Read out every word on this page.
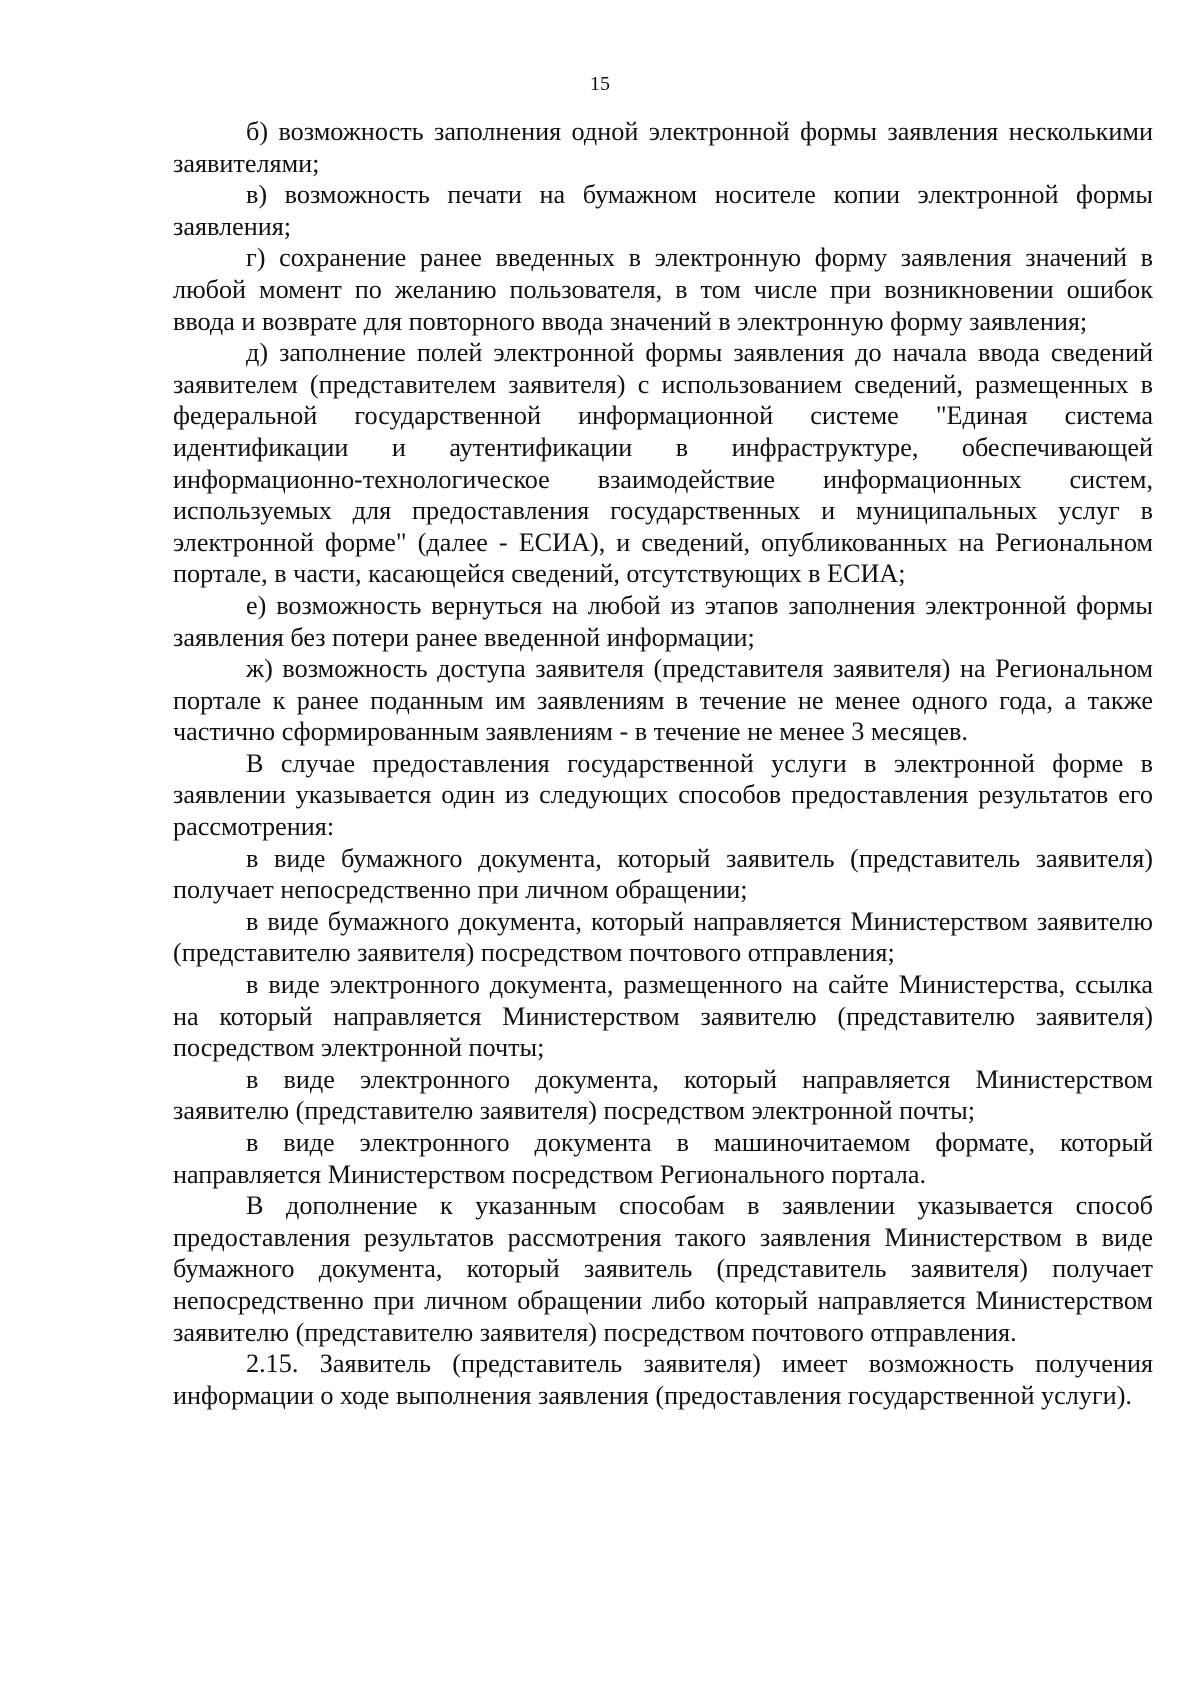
15

б) возможность заполнения одной электронной формы заявления несколькими заявителями;

в) возможность печати на бумажном носителе копии электронной формы заявления;

г) сохранение ранее введенных в электронную форму заявления значений в любой момент по желанию пользователя, в том числе при возникновении ошибок ввода и возврате для повторного ввода значений в электронную форму заявления;

д) заполнение полей электронной формы заявления до начала ввода сведений заявителем (представителем заявителя) с использованием сведений, размещенных в федеральной государственной информационной системе "Единая система идентификации и аутентификации в инфраструктуре, обеспечивающей информационно-технологическое взаимодействие информационных систем, используемых для предоставления государственных и муниципальных услуг в электронной форме" (далее - ЕСИА), и сведений, опубликованных на Региональном портале, в части, касающейся сведений, отсутствующих в ЕСИА;

е) возможность вернуться на любой из этапов заполнения электронной формы заявления без потери ранее введенной информации;

ж) возможность доступа заявителя (представителя заявителя) на Региональном портале к ранее поданным им заявлениям в течение не менее одного года, а также частично сформированным заявлениям - в течение не менее 3 месяцев.

В случае предоставления государственной услуги в электронной форме в заявлении указывается один из следующих способов предоставления результатов его рассмотрения:

в виде бумажного документа, который заявитель (представитель заявителя) получает непосредственно при личном обращении;

в виде бумажного документа, который направляется Министерством заявителю (представителю заявителя) посредством почтового отправления;

в виде электронного документа, размещенного на сайте Министерства, ссылка на который направляется Министерством заявителю (представителю заявителя) посредством электронной почты;

в виде электронного документа, который направляется Министерством заявителю (представителю заявителя) посредством электронной почты;

в виде электронного документа в машиночитаемом формате, который направляется Министерством посредством Регионального портала.

В дополнение к указанным способам в заявлении указывается способ предоставления результатов рассмотрения такого заявления Министерством в виде бумажного документа, который заявитель (представитель заявителя) получает непосредственно при личном обращении либо который направляется Министерством заявителю (представителю заявителя) посредством почтового отправления.

2.15. Заявитель (представитель заявителя) имеет возможность получения информации о ходе выполнения заявления (предоставления государственной услуги).
